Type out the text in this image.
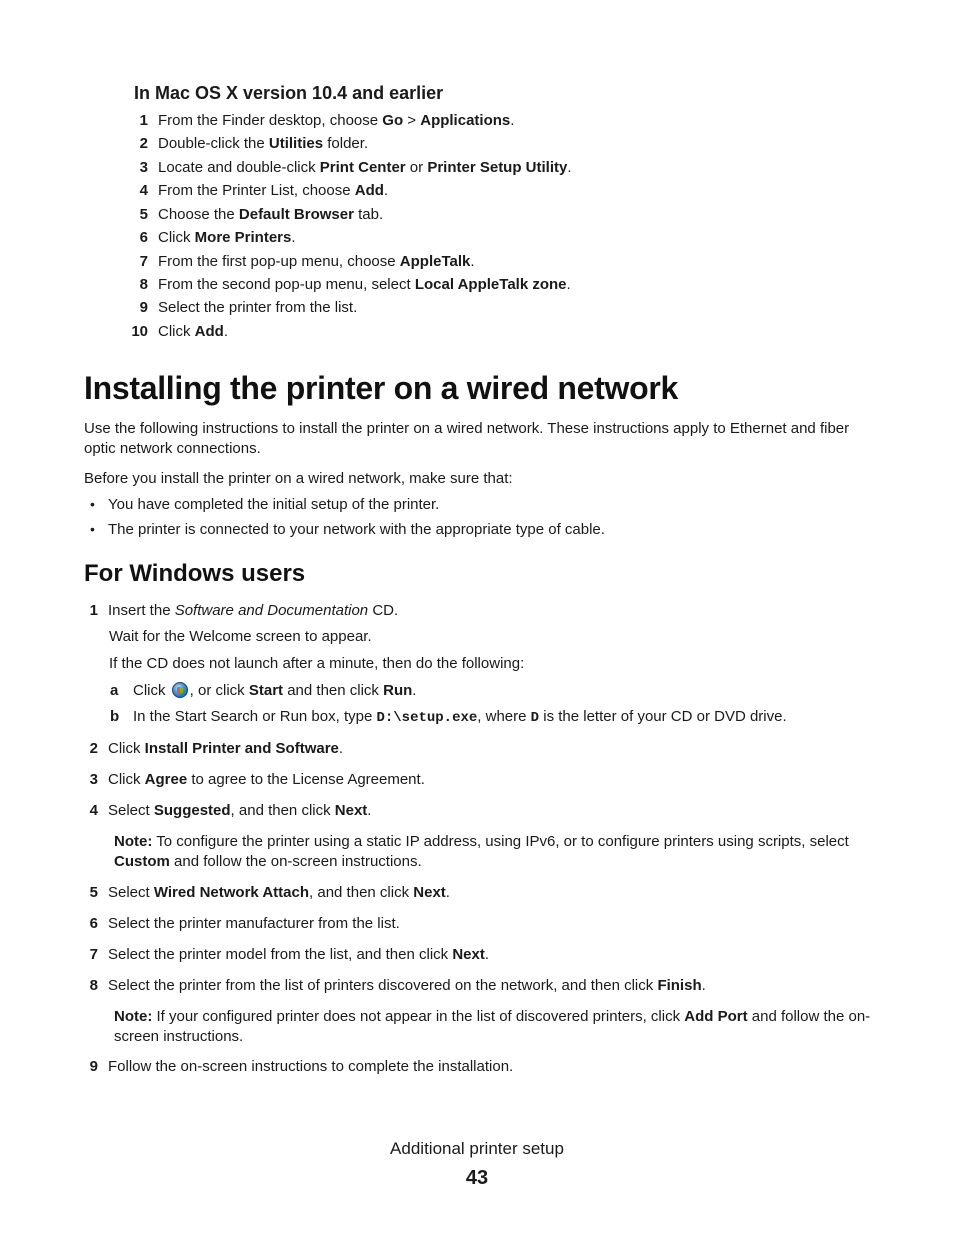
In Mac OS X version 10.4 and earlier
1 From the Finder desktop, choose Go > Applications.
2 Double-click the Utilities folder.
3 Locate and double-click Print Center or Printer Setup Utility.
4 From the Printer List, choose Add.
5 Choose the Default Browser tab.
6 Click More Printers.
7 From the first pop-up menu, choose AppleTalk.
8 From the second pop-up menu, select Local AppleTalk zone.
9 Select the printer from the list.
10 Click Add.
Installing the printer on a wired network
Use the following instructions to install the printer on a wired network. These instructions apply to Ethernet and fiber optic network connections.
Before you install the printer on a wired network, make sure that:
• You have completed the initial setup of the printer.
• The printer is connected to your network with the appropriate type of cable.
For Windows users
1 Insert the Software and Documentation CD.
Wait for the Welcome screen to appear.
If the CD does not launch after a minute, then do the following:
a Click , or click Start and then click Run.
b In the Start Search or Run box, type D:\setup.exe, where D is the letter of your CD or DVD drive.
2 Click Install Printer and Software.
3 Click Agree to agree to the License Agreement.
4 Select Suggested, and then click Next.
5 Select Wired Network Attach, and then click Next.
6 Select the printer manufacturer from the list.
7 Select the printer model from the list, and then click Next.
8 Select the printer from the list of printers discovered on the network, and then click Finish.
9 Follow the on-screen instructions to complete the installation.
Note: To configure the printer using a static IP address, using IPv6, or to configure printers using scripts, select Custom and follow the on-screen instructions.
Note: If your configured printer does not appear in the list of discovered printers, click Add Port and follow the on-screen instructions.
Additional printer setup
43
